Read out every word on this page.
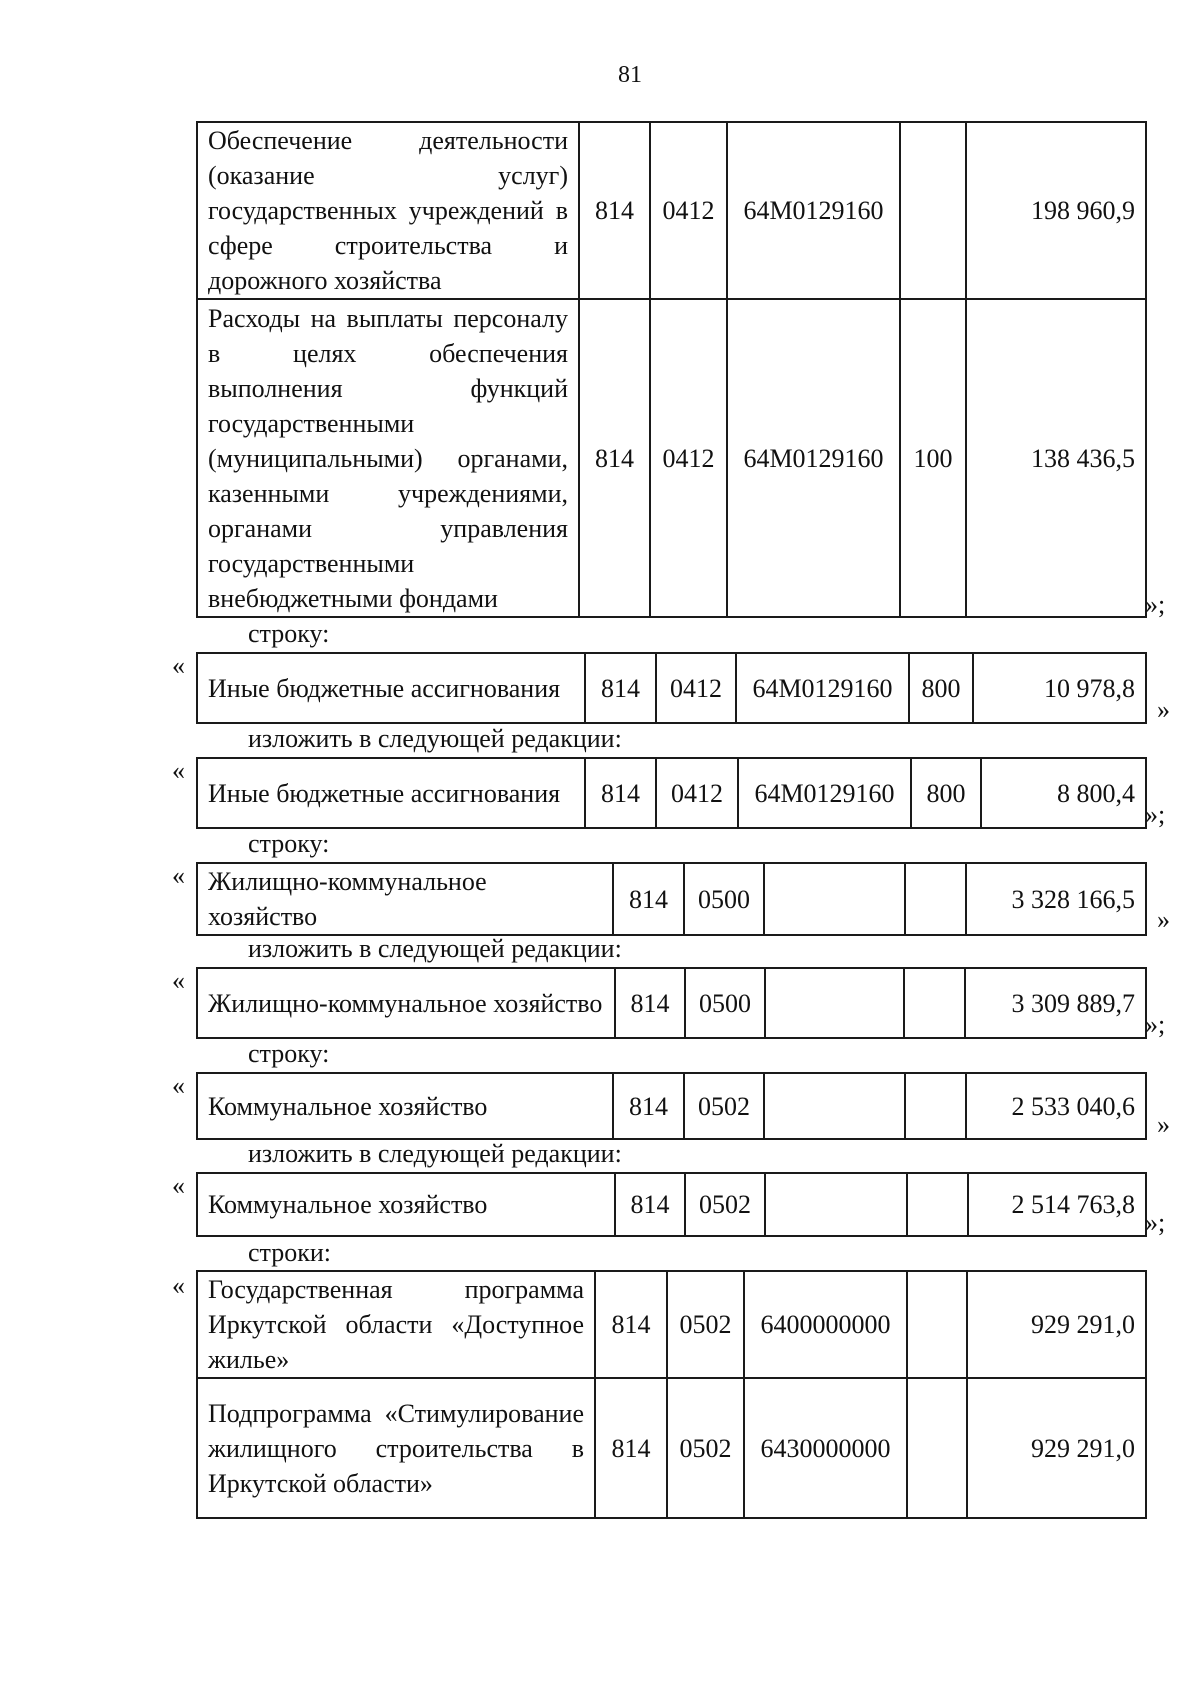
81
Обеспечение деятельности (оказание услуг) государственных учреждений в сфере строительства и дорожного хозяйства	814	0412	64М0129160		198 960,9
Расходы на выплаты персоналу в целях обеспечения выполнения функций государственными (муниципальными) органами, казенными учреждениями, органами управления государственными внебюджетными фондами	814	0412	64М0129160	100	138 436,5
»;
строку:
«
Иные бюджетные ассигнования	814	0412	64М0129160	800	10 978,8
»
изложить в следующей редакции:
«
Иные бюджетные ассигнования	814	0412	64М0129160	800	8 800,4
»;
строку:
« Жилищно-коммунальное хозяйство	814	0500			3 328 166,5
»
изложить в следующей редакции:
«
Жилищно-коммунальное хозяйство	814	0500			3 309 889,7
»;
строку:
«
Коммунальное хозяйство	814	0502			2 533 040,6
»
изложить в следующей редакции:
«
Коммунальное хозяйство	814	0502			2 514 763,8
»;
строки:
« Государственная программа Иркутской области «Доступное жилье»	814	0502	6400000000		929 291,0
Подпрограмма «Стимулирование жилищного строительства в Иркутской области»	814	0502	6430000000		929 291,0
